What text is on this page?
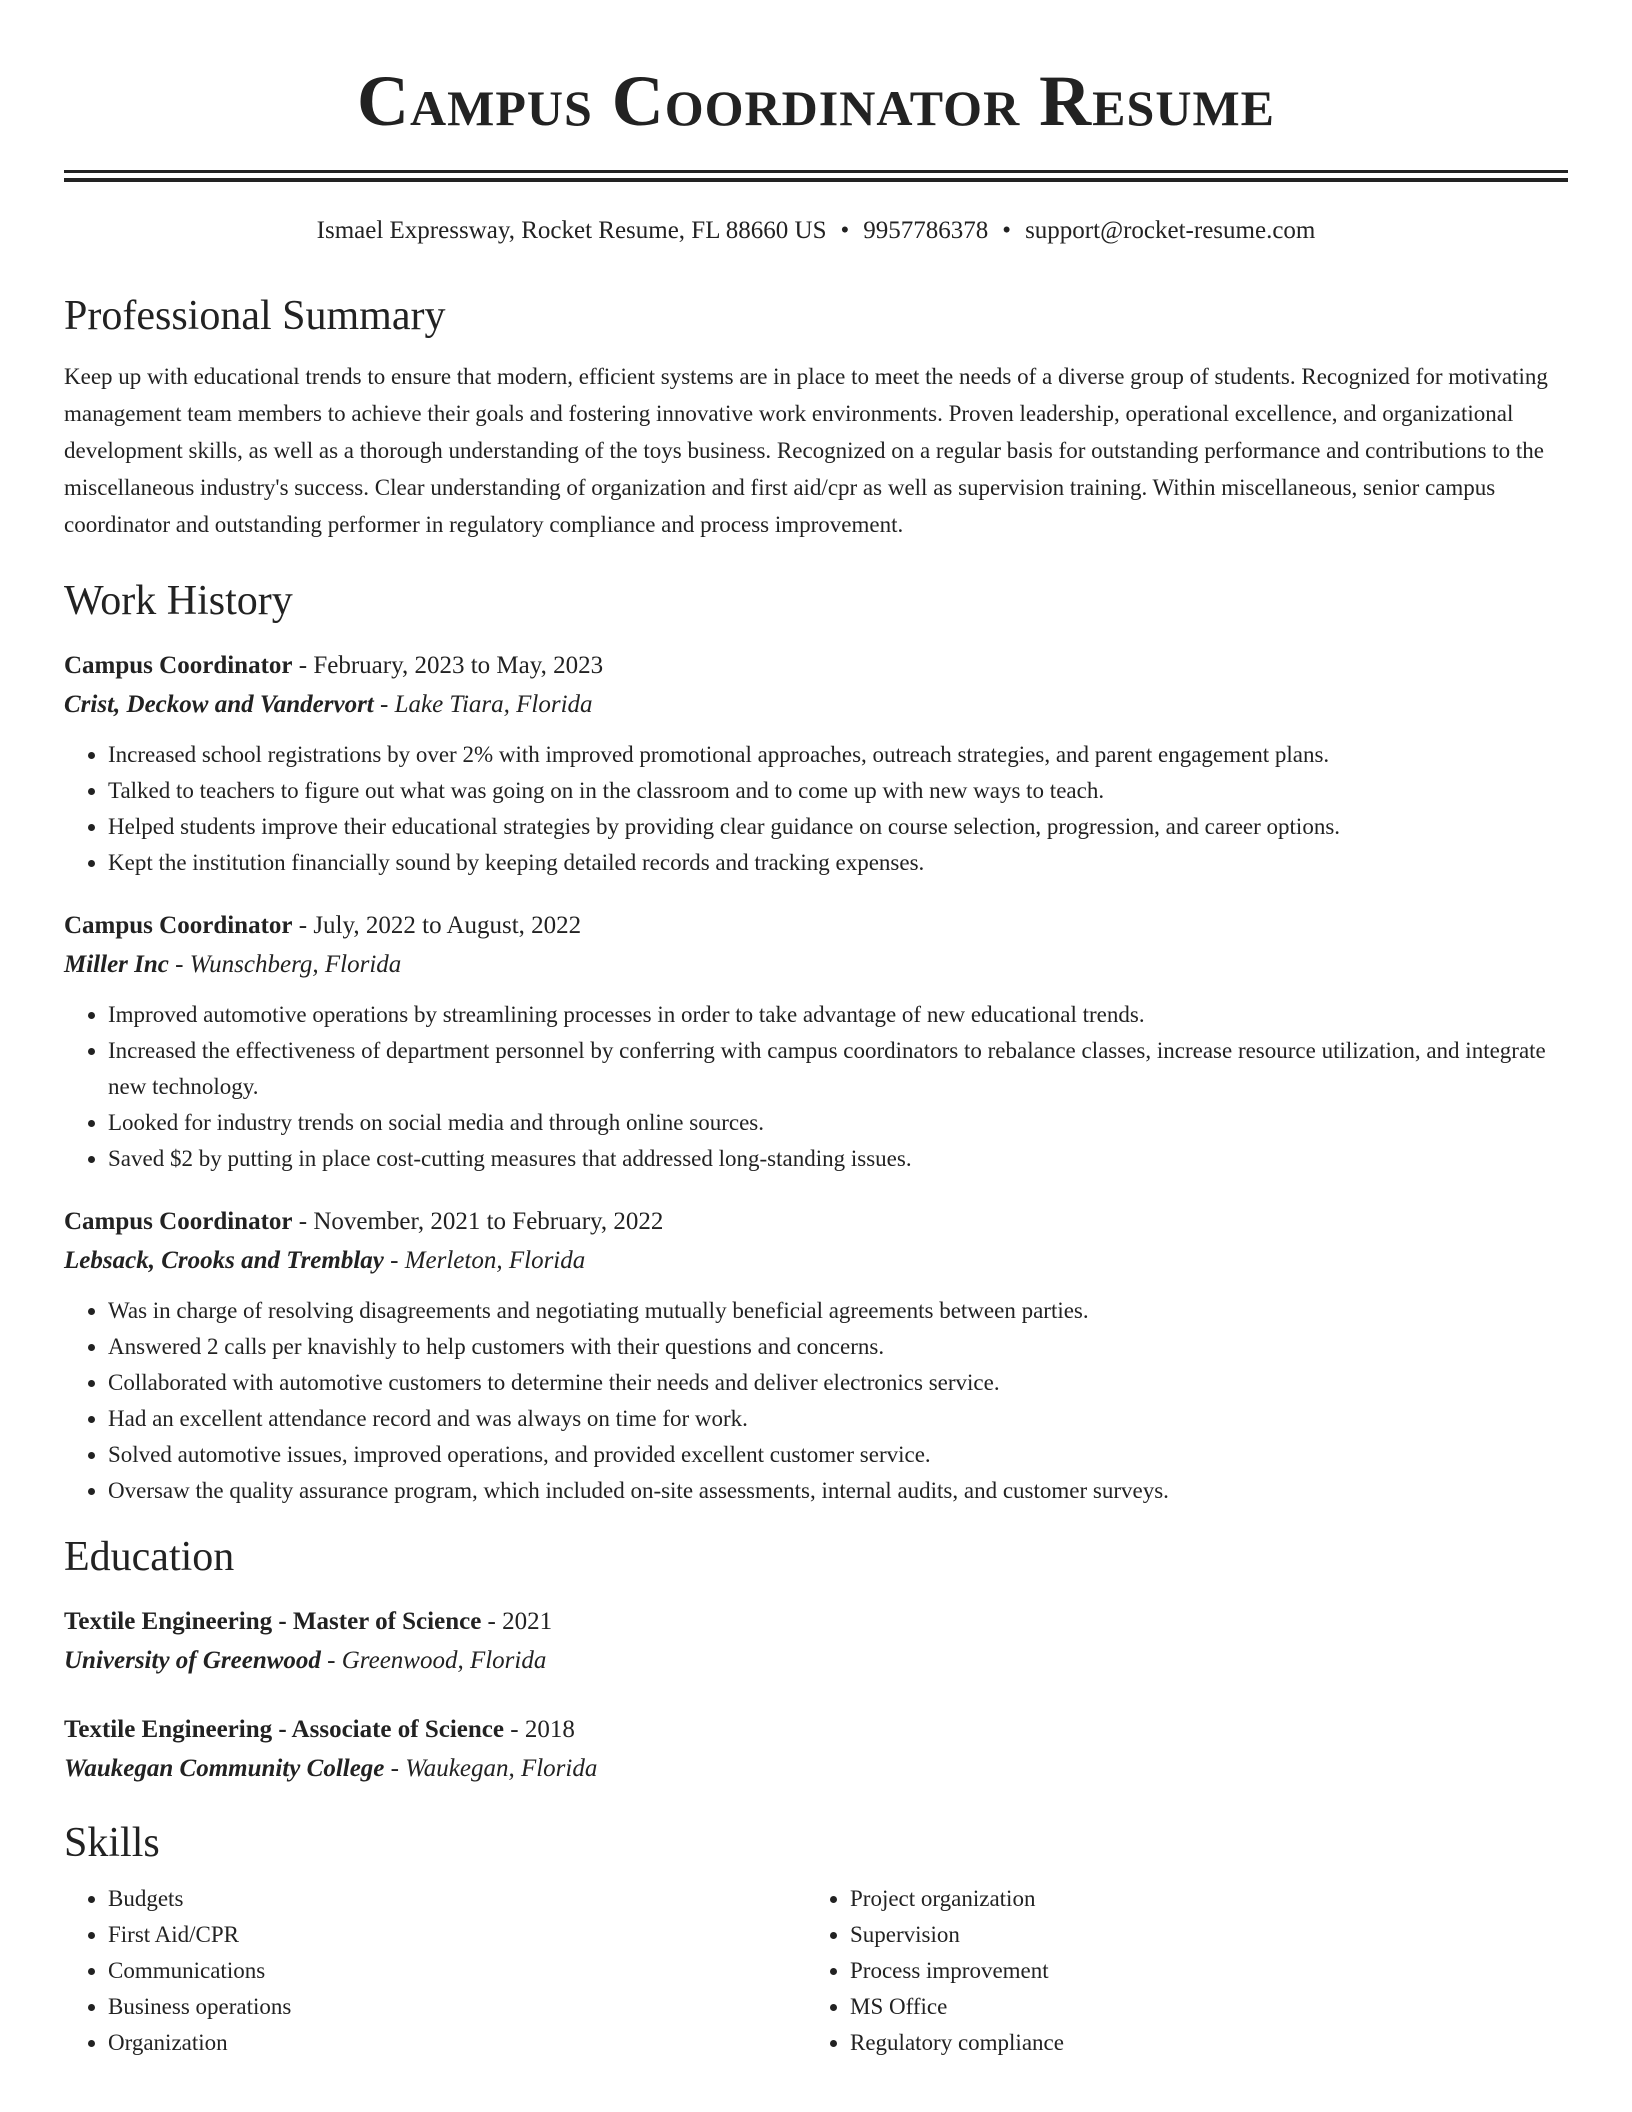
Campus Coordinator Resume
Ismael Expressway, Rocket Resume, FL 88660 US • 9957786378 • support@rocket-resume.com
Professional Summary

Keep up with educational trends to ensure that modern, efficient systems are in place to meet the needs of a diverse group of students. Recognized for motivating management team members to achieve their goals and fostering innovative work environments. Proven leadership, operational excellence, and organizational development skills, as well as a thorough understanding of the toys business. Recognized on a regular basis for outstanding performance and contributions to the miscellaneous industry's success. Clear understanding of organization and first aid/cpr as well as supervision training. Within miscellaneous, senior campus coordinator and outstanding performer in regulatory compliance and process improvement.

Work History

Campus Coordinator - February, 2023 to May, 2023

Crist, Deckow and Vandervort - Lake Tiara, Florida

• Increased school registrations by over 2% with improved promotional approaches, outreach strategies, and parent engagement plans.
• Talked to teachers to figure out what was going on in the classroom and to come up with new ways to teach.
• Helped students improve their educational strategies by providing clear guidance on course selection, progression, and career options.
• Kept the institution financially sound by keeping detailed records and tracking expenses.

Campus Coordinator - July, 2022 to August, 2022

Miller Inc - Wunschberg, Florida

• Improved automotive operations by streamlining processes in order to take advantage of new educational trends.
• Increased the effectiveness of department personnel by conferring with campus coordinators to rebalance classes, increase resource utilization, and integrate new technology.
• Looked for industry trends on social media and through online sources.
• Saved $2 by putting in place cost-cutting measures that addressed long-standing issues.

Campus Coordinator - November, 2021 to February, 2022

Lebsack, Crooks and Tremblay - Merleton, Florida

• Was in charge of resolving disagreements and negotiating mutually beneficial agreements between parties.
• Answered 2 calls per knavishly to help customers with their questions and concerns.
• Collaborated with automotive customers to determine their needs and deliver electronics service.
• Had an excellent attendance record and was always on time for work.
• Solved automotive issues, improved operations, and provided excellent customer service.
• Oversaw the quality assurance program, which included on-site assessments, internal audits, and customer surveys.
Education

Textile Engineering - Master of Science - 2021

University of Greenwood - Greenwood, Florida

Textile Engineering - Associate of Science - 2018

Waukegan Community College - Waukegan, Florida

Skills
• Budgets
• First Aid/CPR
• Communications
• Business operations
• Organization
• Project organization
• Supervision
• Process improvement
• MS Office
• Regulatory compliance
